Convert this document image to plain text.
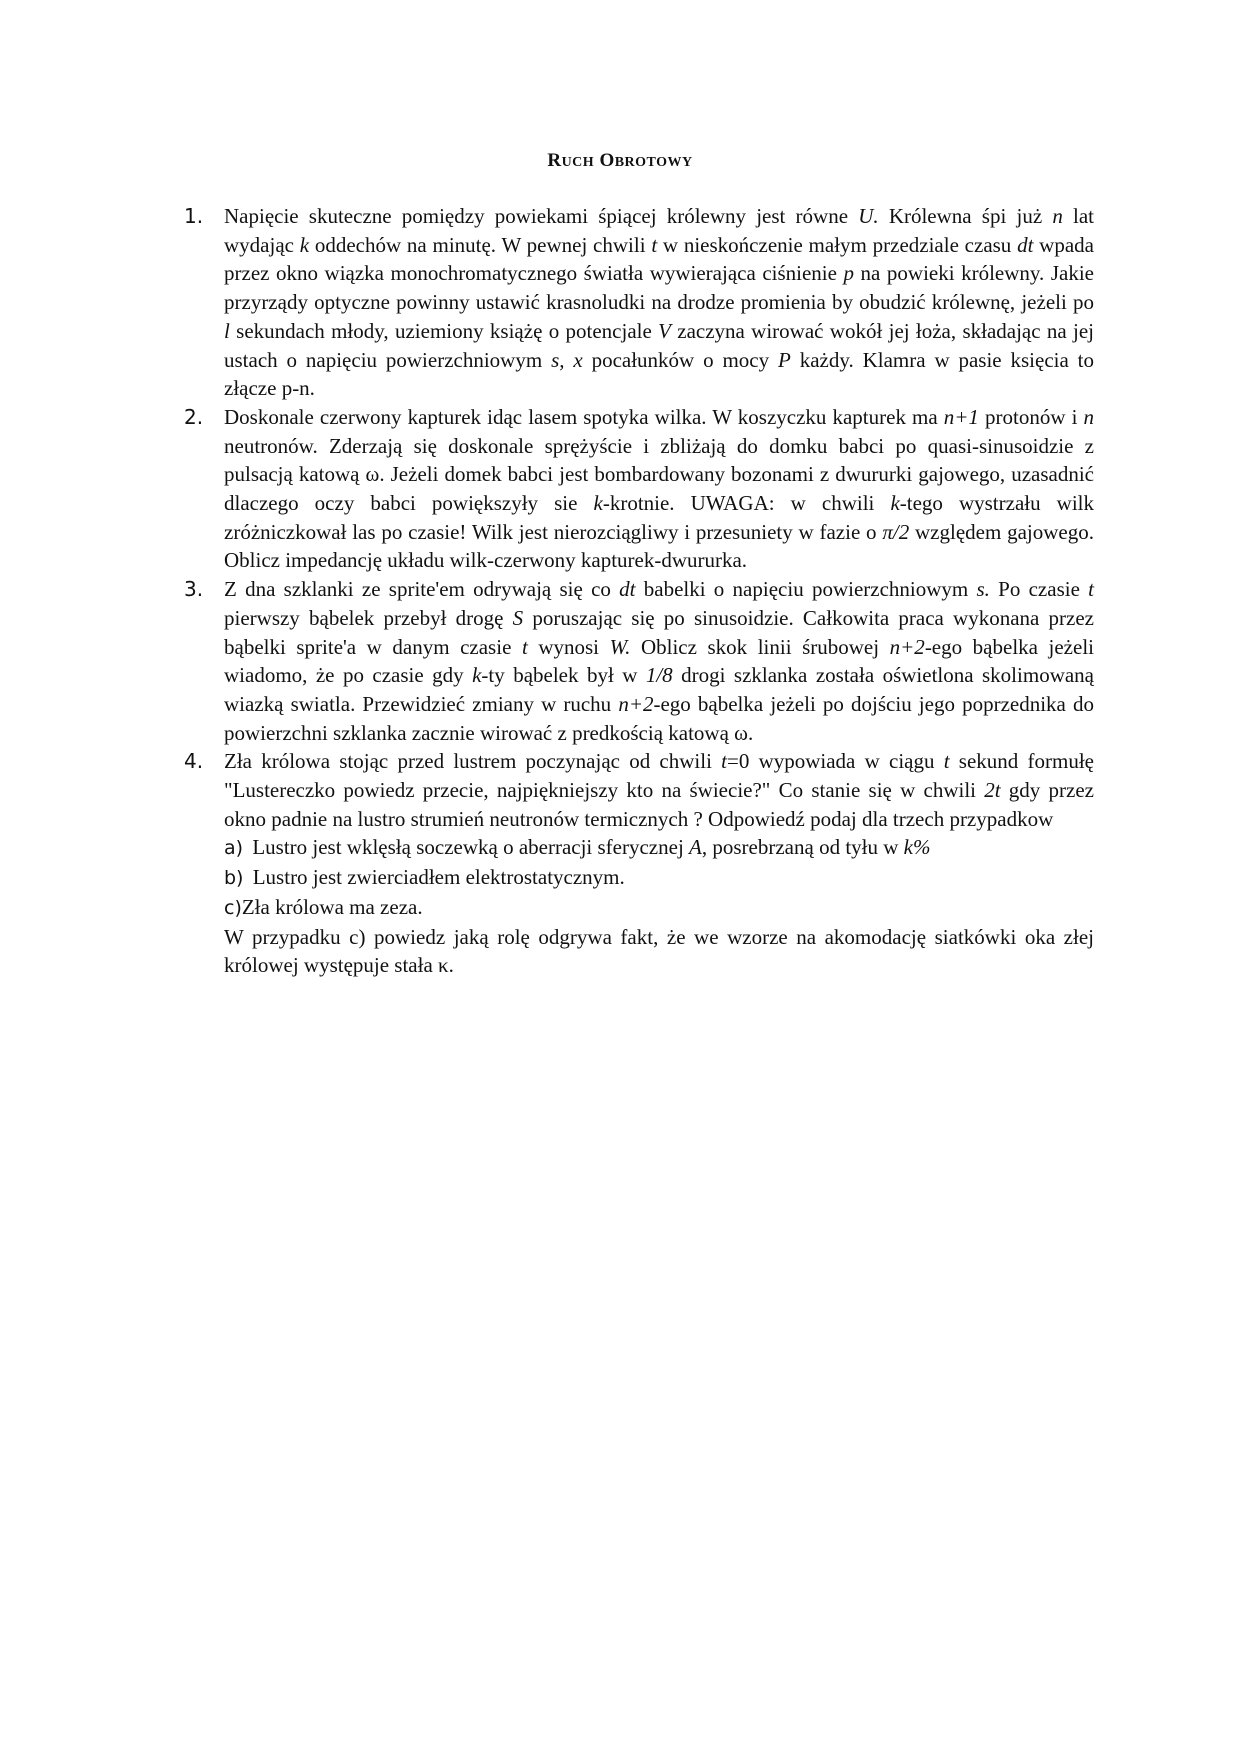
RUCH OBROTOWY
1. Napięcie skuteczne pomiędzy powiekami śpiącej królewny jest równe U. Królewna śpi już n lat wydając k oddechów na minutę. W pewnej chwili t w nieskończenie małym przedziale czasu dt wpada przez okno wiązka monochromatycznego światła wywierająca ciśnienie p na powieki królewny. Jakie przyrządy optyczne powinny ustawić krasnoludki na drodze promienia by obudzić królewnę, jeżeli po l sekundach młody, uziemiony książę o potencjale V zaczyna wirować wokół jej łoża, składając na jej ustach o napięciu powierzchniowym s, x pocałunków o mocy P każdy. Klamra w pasie księcia to złącze p-n.
2. Doskonale czerwony kapturek idąc lasem spotyka wilka. W koszyczku kapturek ma n+1 protonów i n neutronów. Zderzają się doskonale sprężyście i zbliżają do domku babci po quasi-sinusoidzie z pulsacją katową ω. Jeżeli domek babci jest bombardowany bozonami z dwururki gajowego, uzasadnić dlaczego oczy babci powiększyły sie k-krotnie. UWAGA: w chwili k-tego wystrzału wilk zróżniczkował las po czasie! Wilk jest nierozciągliwy i przesuniety w fazie o π/2 względem gajowego. Oblicz impedancję układu wilk-czerwony kapturek-dwururka.
3. Z dna szklanki ze sprite'em odrywają się co dt babelki o napięciu powierzchniowym s. Po czasie t pierwszy bąbelek przebył drogę S poruszając się po sinusoidzie. Całkowita praca wykonana przez bąbelki sprite'a w danym czasie t wynosi W. Oblicz skok linii śrubowej n+2-ego bąbelka jeżeli wiadomo, że po czasie gdy k-ty bąbelek był w 1/8 drogi szklanka została oświetlona skolimowaną wiazką swiatla. Przewidzieć zmiany w ruchu n+2-ego bąbelka jeżeli po dojściu jego poprzednika do powierzchni szklanka zacznie wirować z predkością katową ω.
4. Zła królowa stojąc przed lustrem poczynając od chwili t=0 wypowiada w ciągu t sekund formułę "Lustereczko powiedz przecie, najpiękniejszy kto na świecie?" Co stanie się w chwili 2t gdy przez okno padnie na lustro strumień neutronów termicznych ? Odpowiedź podaj dla trzech przypadkow
a) Lustro jest wklęsłą soczewką o aberracji sferycznej A, posrebrzaną od tyłu w k%
b) Lustro jest zwierciadłem elektrostatycznym.
c)Zła królowa ma zeza.
W przypadku c) powiedz jaką rolę odgrywa fakt, że we wzorze na akomodację siatkówki oka złej królowej występuje stała κ.
